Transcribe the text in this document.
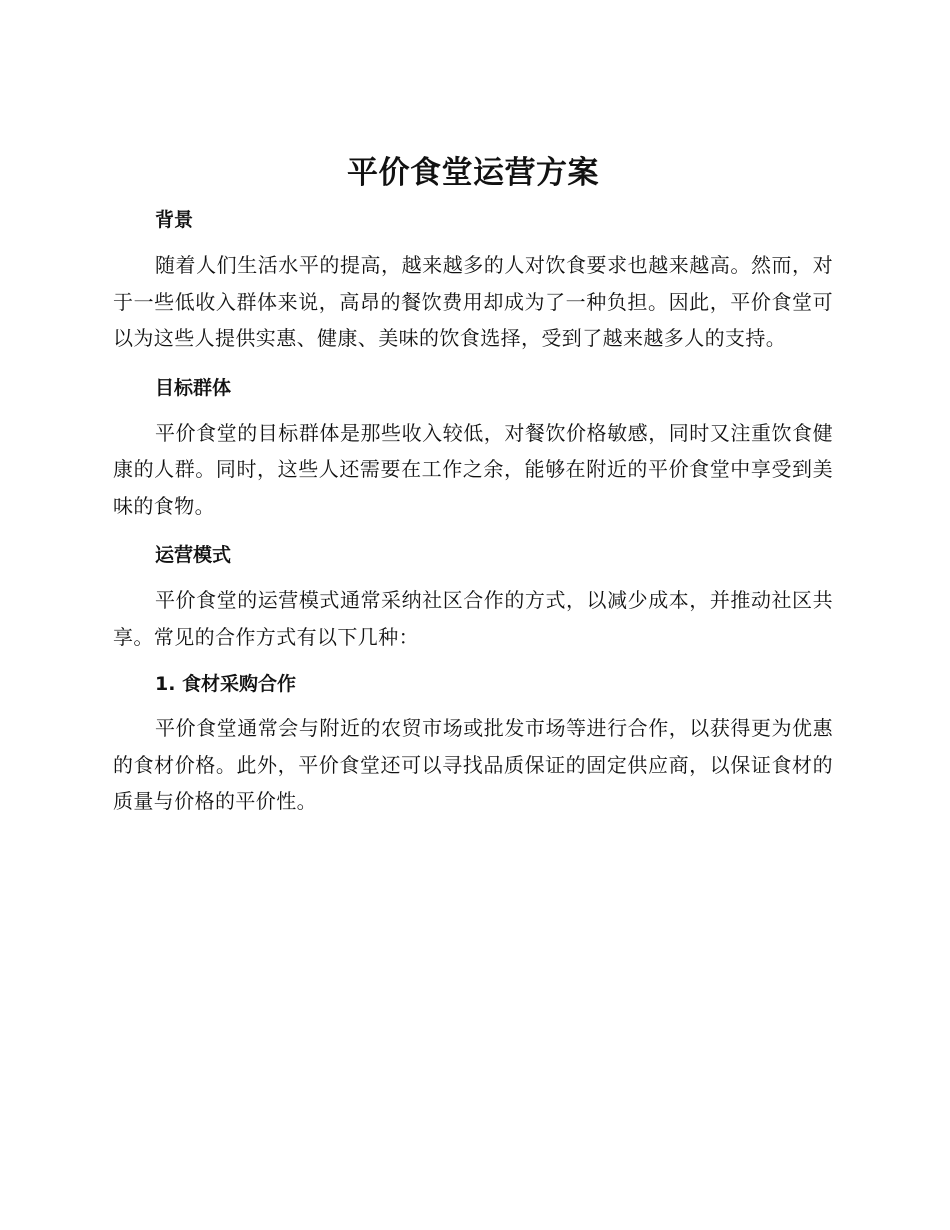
平价食堂运营方案
背景

随着人们生活水平的提高，越来越多的人对饮食要求也越来越高。然而，对于一些低收入群体来说，高昂的餐饮费用却成为了一种负担。因此，平价食堂可以为这些人提供实惠、健康、美味的饮食选择，受到了越来越多人的支持。

目标群体

平价食堂的目标群体是那些收入较低，对餐饮价格敏感，同时又注重饮食健康的人群。同时，这些人还需要在工作之余，能够在附近的平价食堂中享受到美味的食物。

运营模式

平价食堂的运营模式通常采纳社区合作的方式，以减少成本，并推动社区共享。常见的合作方式有以下几种：

1. 食材采购合作

平价食堂通常会与附近的农贸市场或批发市场等进行合作，以获得更为优惠的食材价格。此外，平价食堂还可以寻找品质保证的固定供应商，以保证食材的质量与价格的平价性。
